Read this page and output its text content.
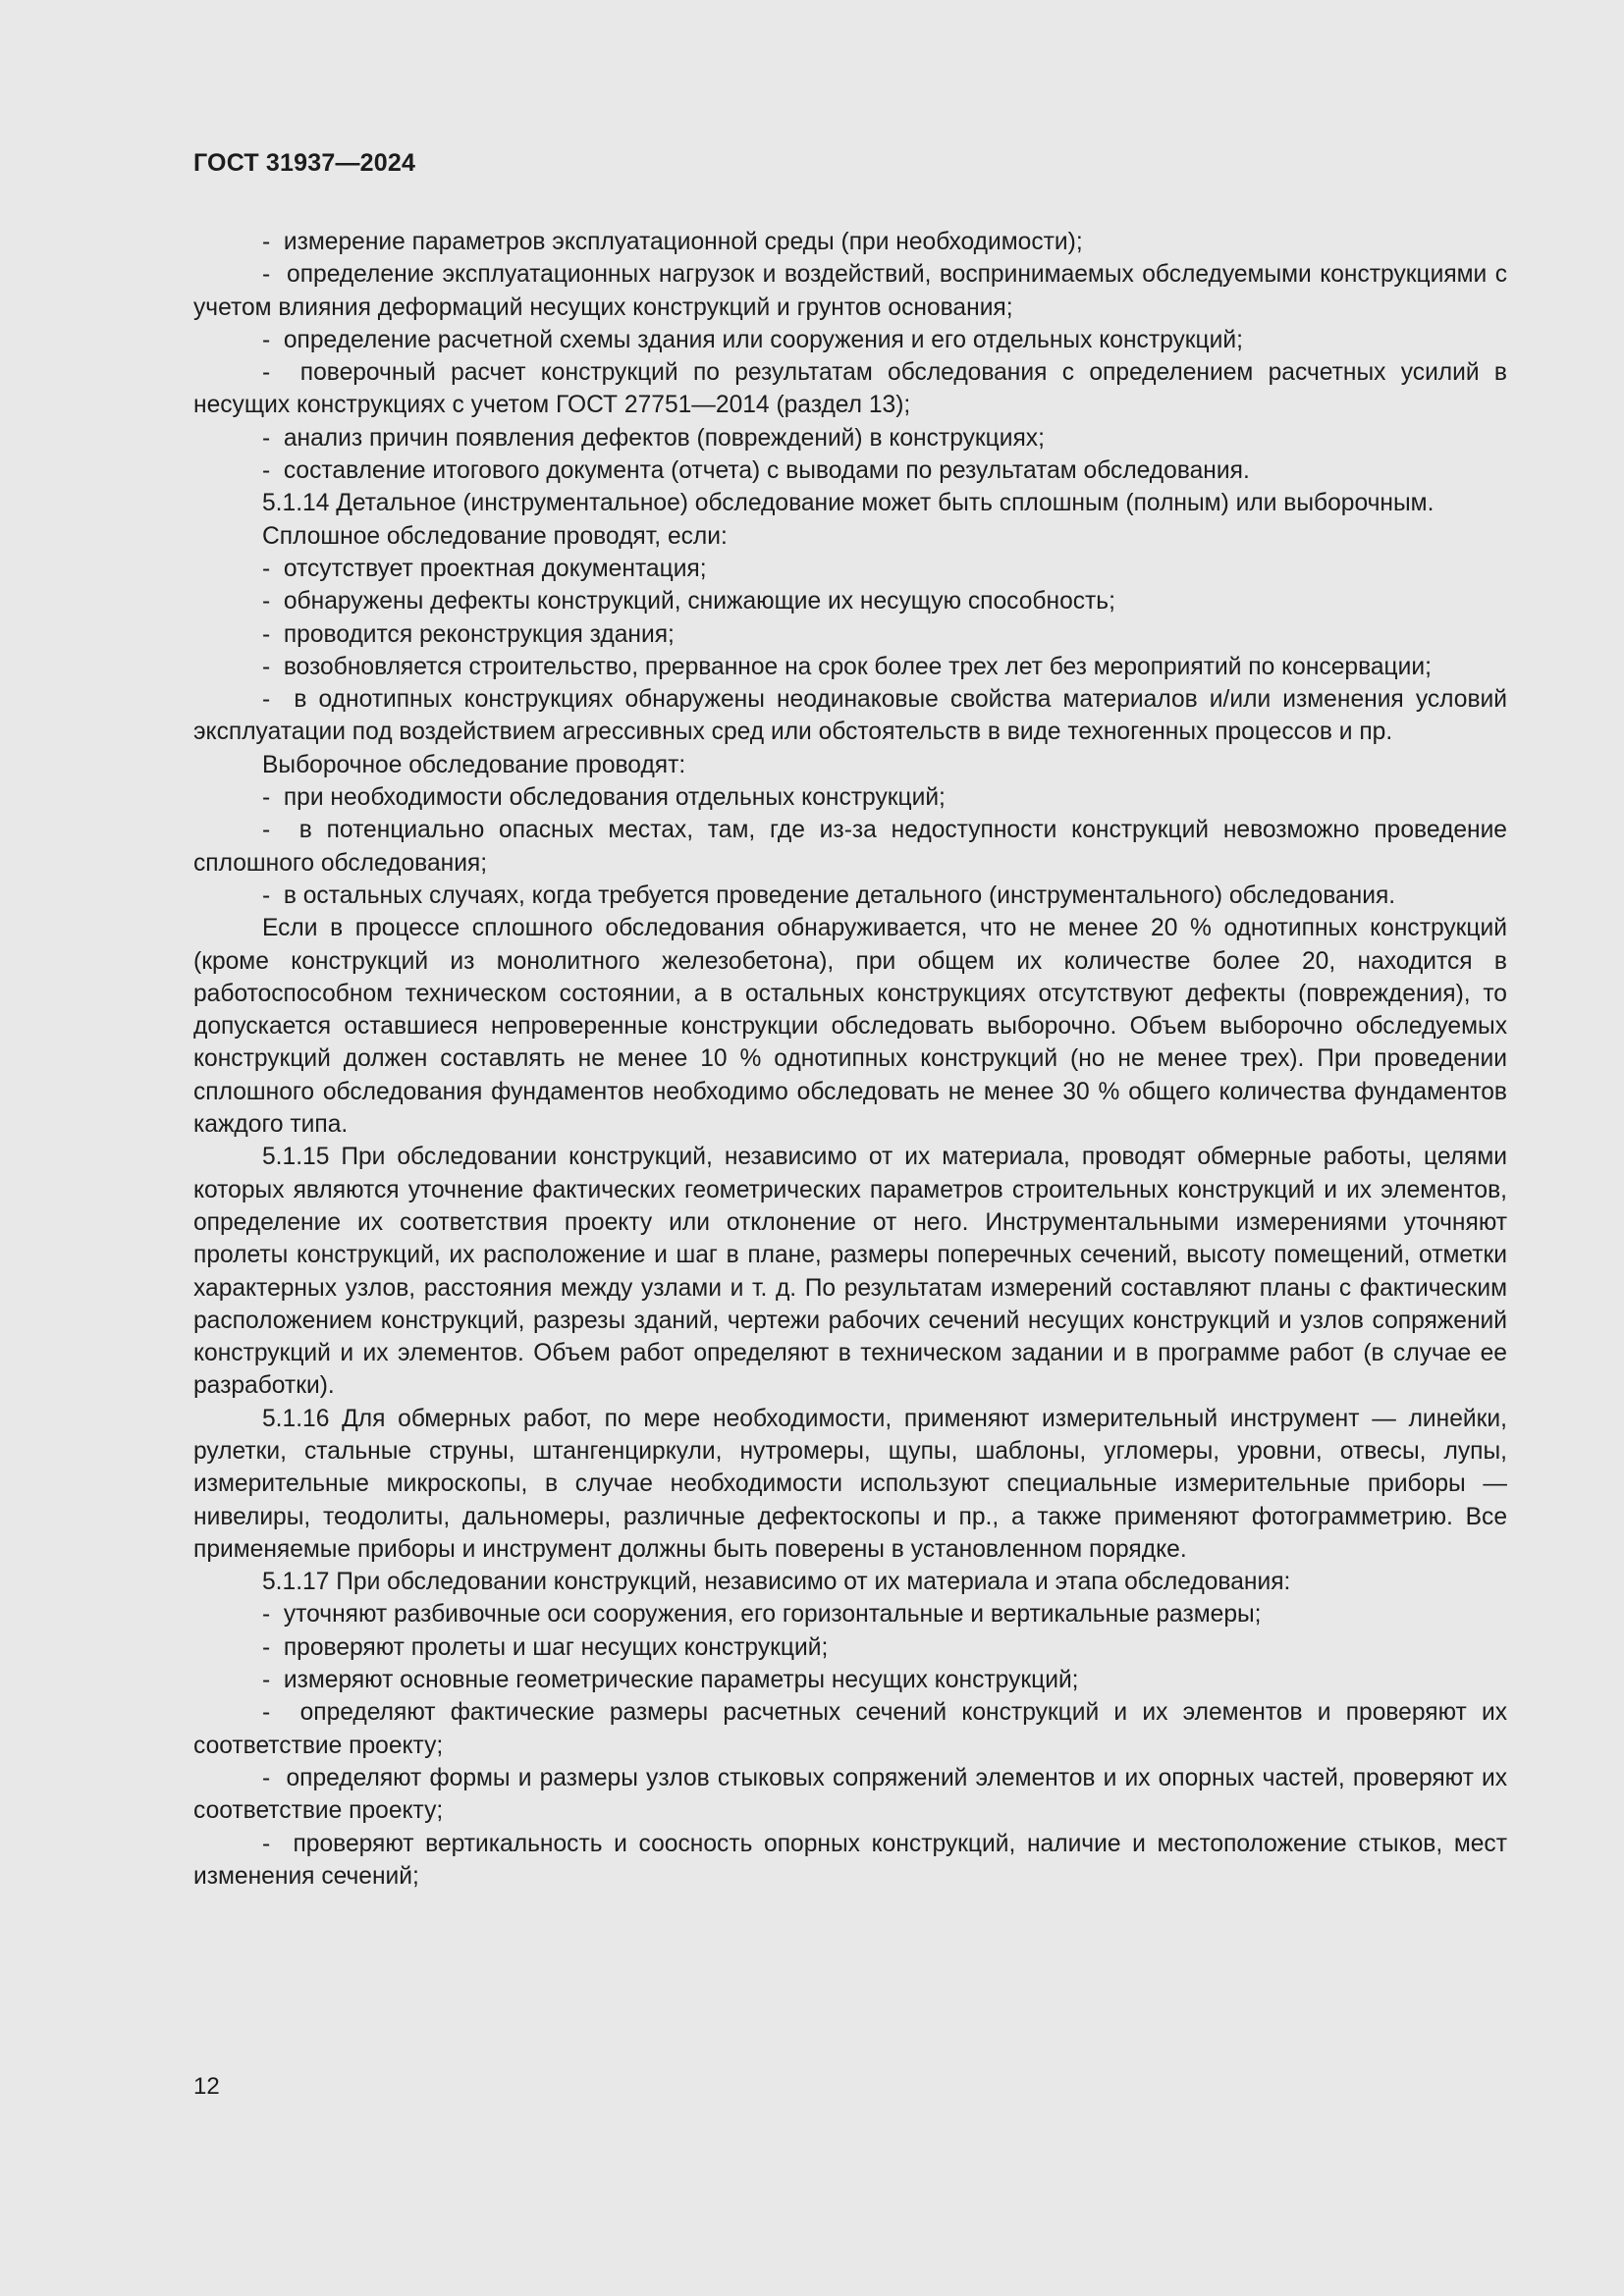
ГОСТ 31937—2024

-  измерение параметров эксплуатационной среды (при необходимости);

-  определение эксплуатационных нагрузок и воздействий, воспринимаемых обследуемыми конструкциями с учетом влияния деформаций несущих конструкций и грунтов основания;

-  определение расчетной схемы здания или сооружения и его отдельных конструкций;

-  поверочный расчет конструкций по результатам обследования с определением расчетных усилий в несущих конструкциях с учетом ГОСТ 27751—2014 (раздел 13);

-  анализ причин появления дефектов (повреждений) в конструкциях;

-  составление итогового документа (отчета) с выводами по результатам обследования.

5.1.14 Детальное (инструментальное) обследование может быть сплошным (полным) или выборочным.

Сплошное обследование проводят, если:

-  отсутствует проектная документация;

-  обнаружены дефекты конструкций, снижающие их несущую способность;

-  проводится реконструкция здания;

-  возобновляется строительство, прерванное на срок более трех лет без мероприятий по консервации;

-  в однотипных конструкциях обнаружены неодинаковые свойства материалов и/или изменения условий эксплуатации под воздействием агрессивных сред или обстоятельств в виде техногенных процессов и пр.

Выборочное обследование проводят:

-  при необходимости обследования отдельных конструкций;

-  в потенциально опасных местах, там, где из-за недоступности конструкций невозможно проведение сплошного обследования;

-  в остальных случаях, когда требуется проведение детального (инструментального) обследования.

Если в процессе сплошного обследования обнаруживается, что не менее 20 % однотипных конструкций (кроме конструкций из монолитного железобетона), при общем их количестве более 20, находится в работоспособном техническом состоянии, а в остальных конструкциях отсутствуют дефекты (повреждения), то допускается оставшиеся непроверенные конструкции обследовать выборочно. Объем выборочно обследуемых конструкций должен составлять не менее 10 % однотипных конструкций (но не менее трех). При проведении сплошного обследования фундаментов необходимо обследовать не менее 30 % общего количества фундаментов каждого типа.

5.1.15 При обследовании конструкций, независимо от их материала, проводят обмерные работы, целями которых являются уточнение фактических геометрических параметров строительных конструкций и их элементов, определение их соответствия проекту или отклонение от него. Инструментальными измерениями уточняют пролеты конструкций, их расположение и шаг в плане, размеры поперечных сечений, высоту помещений, отметки характерных узлов, расстояния между узлами и т. д. По результатам измерений составляют планы с фактическим расположением конструкций, разрезы зданий, чертежи рабочих сечений несущих конструкций и узлов сопряжений конструкций и их элементов. Объем работ определяют в техническом задании и в программе работ (в случае ее разработки).

5.1.16 Для обмерных работ, по мере необходимости, применяют измерительный инструмент — линейки, рулетки, стальные струны, штангенциркули, нутромеры, щупы, шаблоны, угломеры, уровни, отвесы, лупы, измерительные микроскопы, в случае необходимости используют специальные измерительные приборы — нивелиры, теодолиты, дальномеры, различные дефектоскопы и пр., а также применяют фотограмметрию. Все применяемые приборы и инструмент должны быть поверены в установленном порядке.

5.1.17 При обследовании конструкций, независимо от их материала и этапа обследования:

-  уточняют разбивочные оси сооружения, его горизонтальные и вертикальные размеры;

-  проверяют пролеты и шаг несущих конструкций;

-  измеряют основные геометрические параметры несущих конструкций;

-  определяют фактические размеры расчетных сечений конструкций и их элементов и проверяют их соответствие проекту;

-  определяют формы и размеры узлов стыковых сопряжений элементов и их опорных частей, проверяют их соответствие проекту;

-  проверяют вертикальность и соосность опорных конструкций, наличие и местоположение стыков, мест изменения сечений;

12
